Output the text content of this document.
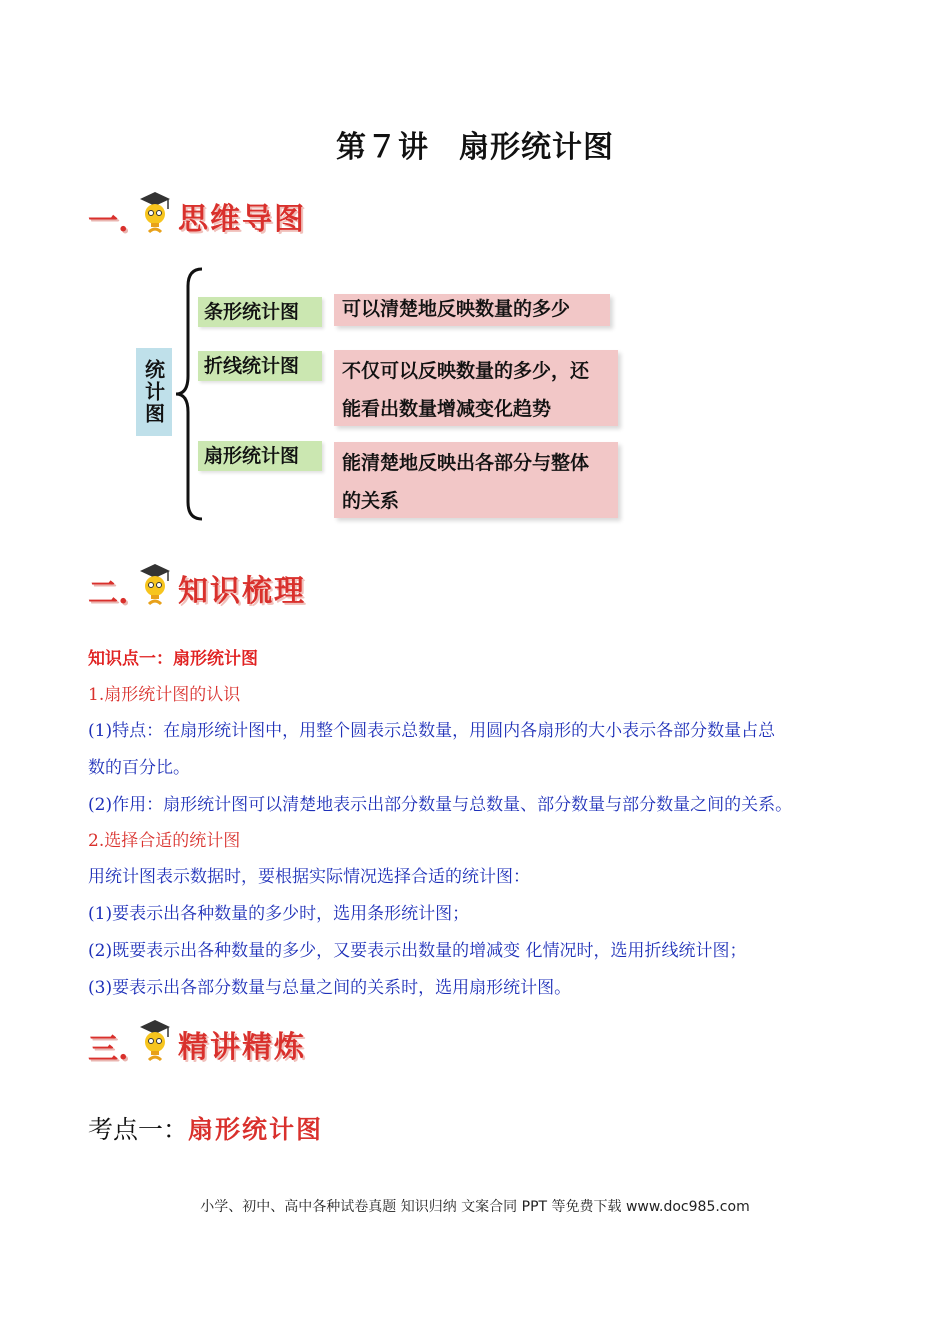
第７讲 扇形统计图
一. 思维导图
统计图
条形统计图	可以清楚地反映数量的多少
折线统计图	不仅可以反映数量的多少，还
能看出数量增减变化趋势
扇形统计图	能清楚地反映出各部分与整体
的关系
二. 知识梳理
知识点一：扇形统计图
1.扇形统计图的认识
(1)特点：在扇形统计图中，用整个圆表示总数量，用圆内各扇形的大小表示各部分数量占总
数的百分比。
(2)作用：扇形统计图可以清楚地表示出部分数量与总数量、部分数量与部分数量之间的关系。
2.选择合适的统计图
用统计图表示数据时，要根据实际情况选择合适的统计图：
(1)要表示出各种数量的多少时，选用条形统计图；
(2)既要表示出各种数量的多少，又要表示出数量的增减变 化情况时，选用折线统计图；
(3)要表示出各部分数量与总量之间的关系时，选用扇形统计图。
三. 精讲精炼
考点一：扇形统计图
小学、初中、高中各种试卷真题 知识归纳 文案合同 PPT 等免费下载 www.doc985.com
